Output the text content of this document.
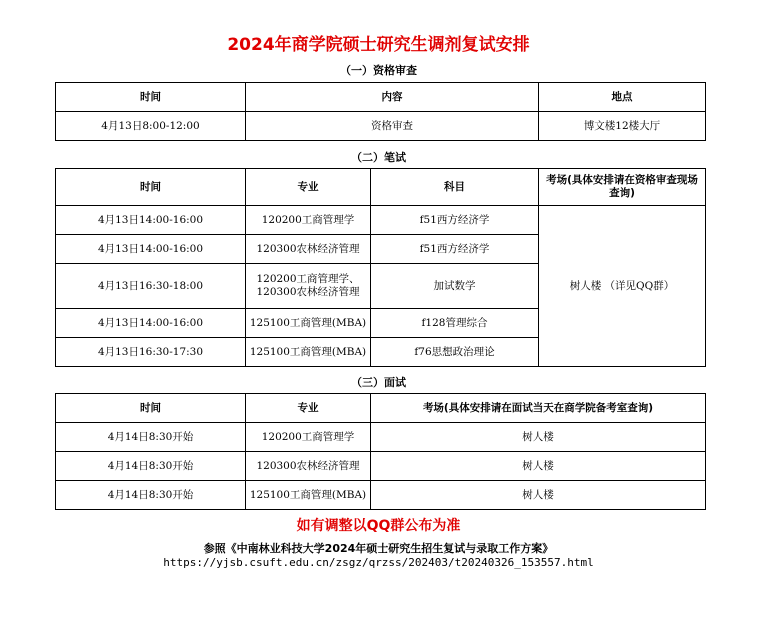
2024年商学院硕士研究生调剂复试安排
（一）资格审查
时间	内容	地点
4月13日8:00-12:00	资格审查	博文楼12楼大厅
（二）笔试
时间	专业	科目	考场(具体安排请在资格审查现场查询)
4月13日14:00-16:00	120200工商管理学	f51西方经济学	树人楼 （详见QQ群）
4月13日14:00-16:00	120300农林经济管理	f51西方经济学	
4月13日16:30-18:00	120200工商管理学、120300农林经济管理	加试数学	
4月13日14:00-16:00	125100工商管理(MBA)	f128管理综合	
4月13日16:30-17:30	125100工商管理(MBA)	f76思想政治理论	
（三）面试
时间	专业	考场(具体安排请在面试当天在商学院备考室查询)
4月14日8:30开始	120200工商管理学	树人楼
4月14日8:30开始	120300农林经济管理	树人楼
4月14日8:30开始	125100工商管理(MBA)	树人楼
如有调整以QQ群公布为准
参照《中南林业科技大学2024年硕士研究生招生复试与录取工作方案》
https://yjsb.csuft.edu.cn/zsgz/qrzss/202403/t20240326_153557.html
